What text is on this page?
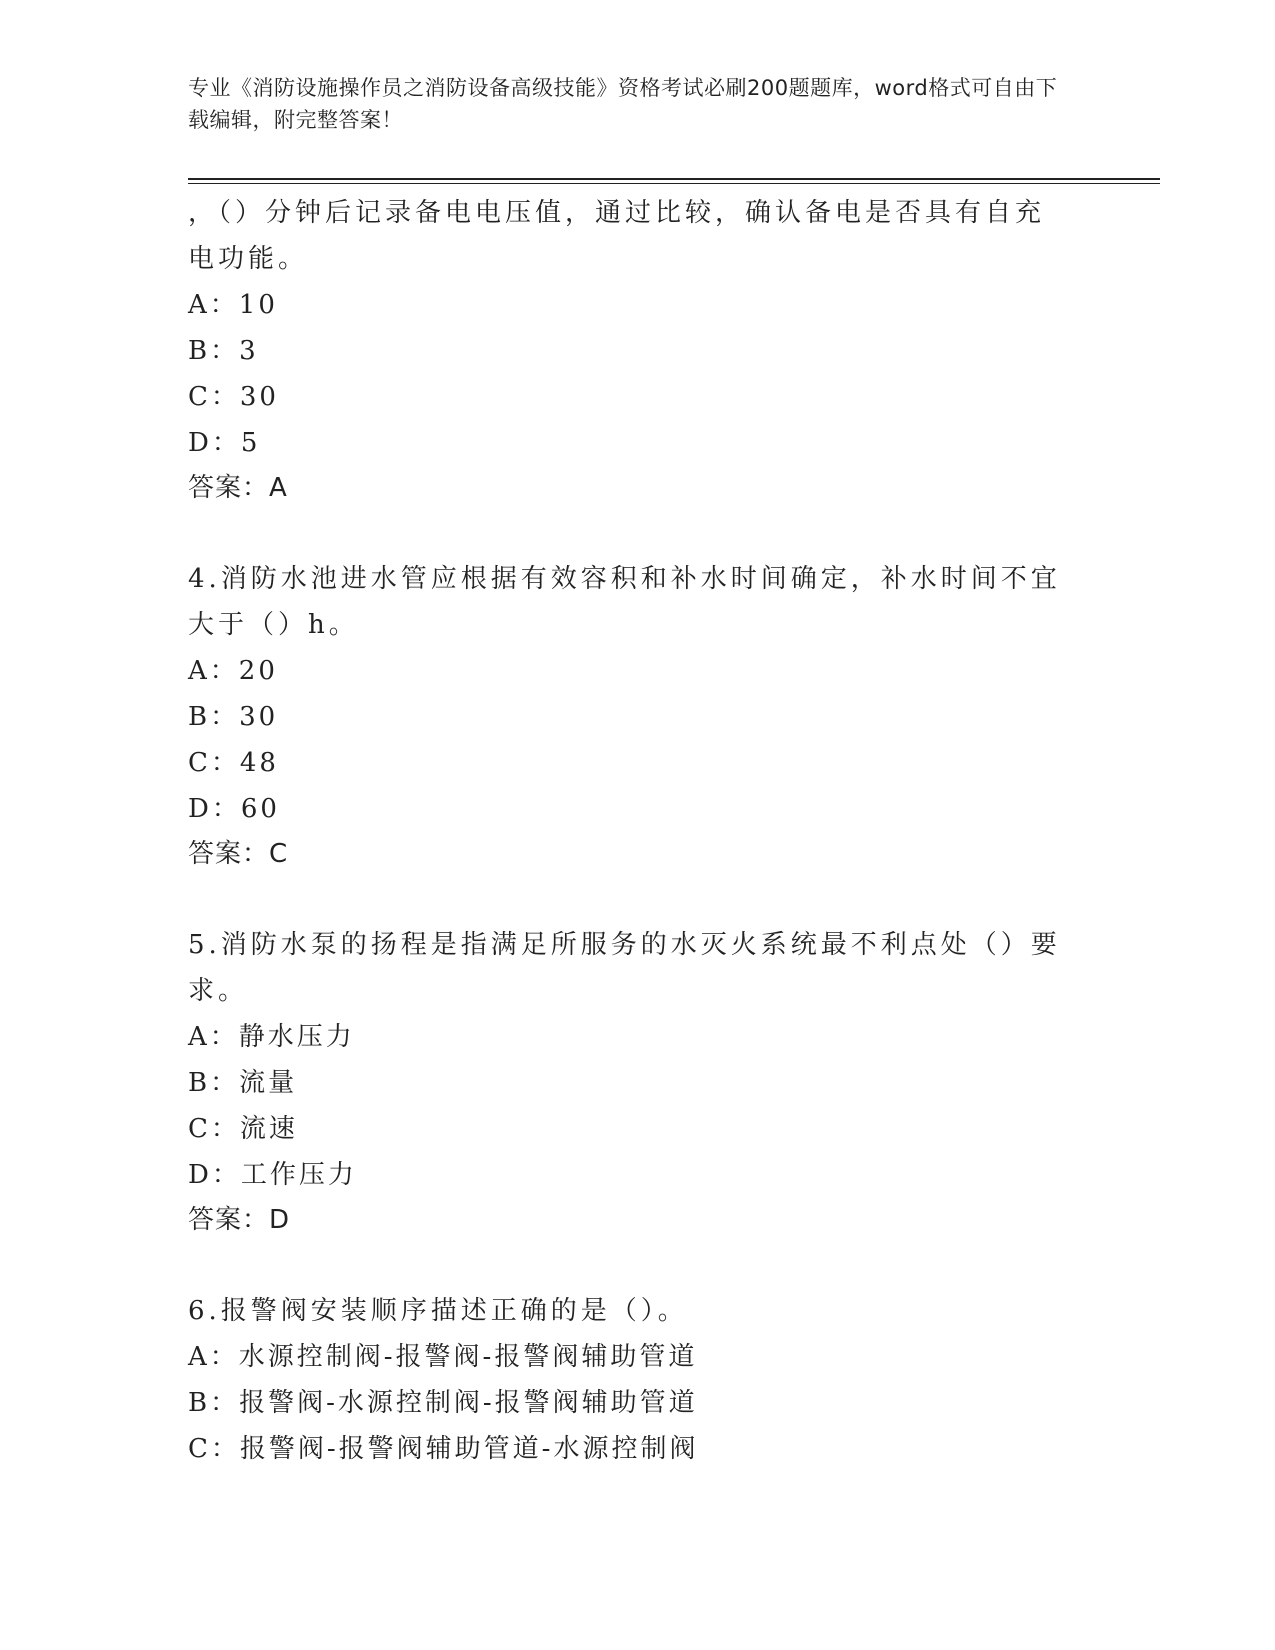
专业《消防设施操作员之消防设备高级技能》资格考试必刷200题题库，word格式可自由下载编辑，附完整答案！
，（）分钟后记录备电电压值，通过比较，确认备电是否具有自充电功能。
A：10
B：3
C：30
D：5
答案：A
4.消防水池进水管应根据有效容积和补水时间确定，补水时间不宜大于（）h。
A：20
B：30
C：48
D：60
答案：C
5.消防水泵的扬程是指满足所服务的水灭火系统最不利点处（）要求。
A：静水压力
B：流量
C：流速
D：工作压力
答案：D
6.报警阀安装顺序描述正确的是（）。
A：水源控制阀-报警阀-报警阀辅助管道
B：报警阀-水源控制阀-报警阀辅助管道
C：报警阀-报警阀辅助管道-水源控制阀
